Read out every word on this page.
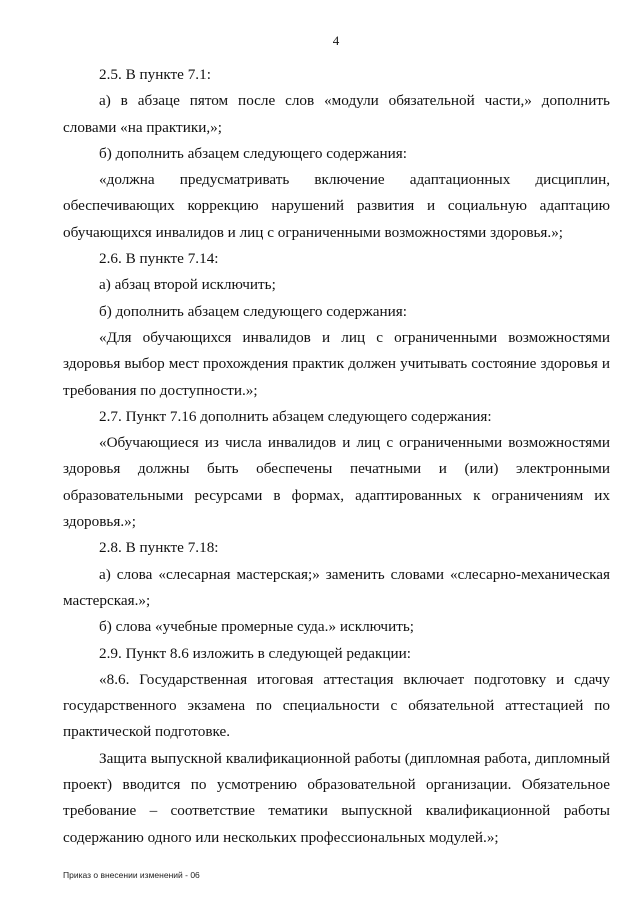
4

2.5. В пункте 7.1:

а) в абзаце пятом после слов «модули обязательной части,» дополнить словами «на практики,»;

б) дополнить абзацем следующего содержания:

«должна предусматривать включение адаптационных дисциплин, обеспечивающих коррекцию нарушений развития и социальную адаптацию обучающихся инвалидов и лиц с ограниченными возможностями здоровья.»;

2.6. В пункте 7.14:

а) абзац второй исключить;

б) дополнить абзацем следующего содержания:

«Для обучающихся инвалидов и лиц с ограниченными возможностями здоровья выбор мест прохождения практик должен учитывать состояние здоровья и требования по доступности.»;

2.7. Пункт 7.16 дополнить абзацем следующего содержания:

«Обучающиеся из числа инвалидов и лиц с ограниченными возможностями здоровья должны быть обеспечены печатными и (или) электронными образовательными ресурсами в формах, адаптированных к ограничениям их здоровья.»;

2.8. В пункте 7.18:

а) слова «слесарная мастерская;» заменить словами «слесарно-механическая мастерская.»;

б) слова «учебные промерные суда.» исключить;

2.9. Пункт 8.6 изложить в следующей редакции:

«8.6. Государственная итоговая аттестация включает подготовку и сдачу государственного экзамена по специальности с обязательной аттестацией по практической подготовке.

Защита выпускной квалификационной работы (дипломная работа, дипломный проект) вводится по усмотрению образовательной организации. Обязательное требование – соответствие тематики выпускной квалификационной работы содержанию одного или нескольких профессиональных модулей.»;

Приказ о внесении изменений - 06
